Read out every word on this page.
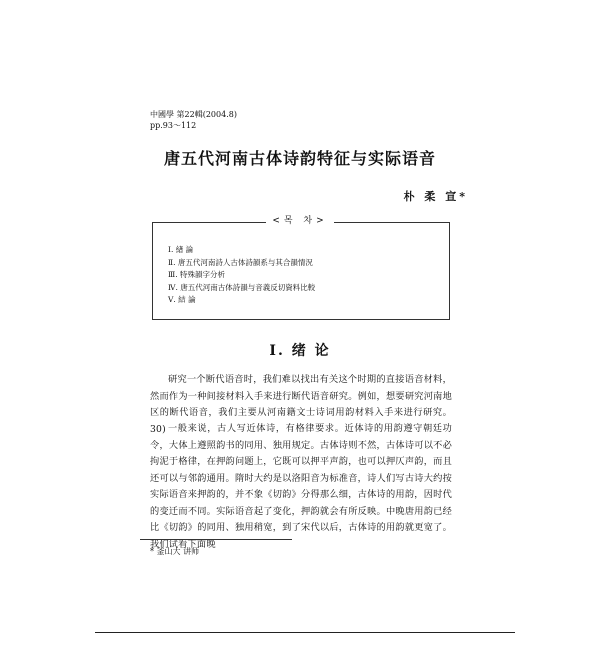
中國學 第22輯(2004.8)
pp.93～112
唐五代河南古体诗韵特征与实际语音
朴 柔 宣*
<목 차>
Ⅰ. 緖 論
Ⅱ. 唐五代河南詩人古体詩韻系与其合韻情況
Ⅲ. 特殊韻字分析
Ⅳ. 唐五代河南古体詩韻与音義反切資料比較
Ⅴ. 結 論
Ⅰ. 绪 论
研究一个断代语音时，我们难以找出有关这个时期的直接语音材料，然而作为一种间接材料入手来进行断代语音研究。例如，想要研究河南地区的断代语音，我们主要从河南籍文士诗词用韵材料入手来进行研究。30) 一般来说，古人写近体诗，有格律要求。近体诗的用韵遵守朝廷功令，大体上遵照韵书的同用、独用规定。古体诗则不然，古体诗可以不必拘泥于格律，在押韵问题上，它既可以押平声韵，也可以押仄声韵，而且还可以与邻韵通用。隋时大约是以洛阳音为标准音，诗人们写古诗大约按实际语音来押韵的，并不象《切韵》分得那么细，古体诗的用韵，因时代的变迁而不同。实际语音起了变化，押韵就会有所反映。中晚唐用韵已经比《切韵》的同用、独用稍宽，到了宋代以后，古体诗的用韵就更宽了。我们试看下面晚
* 釜山大 讲师
